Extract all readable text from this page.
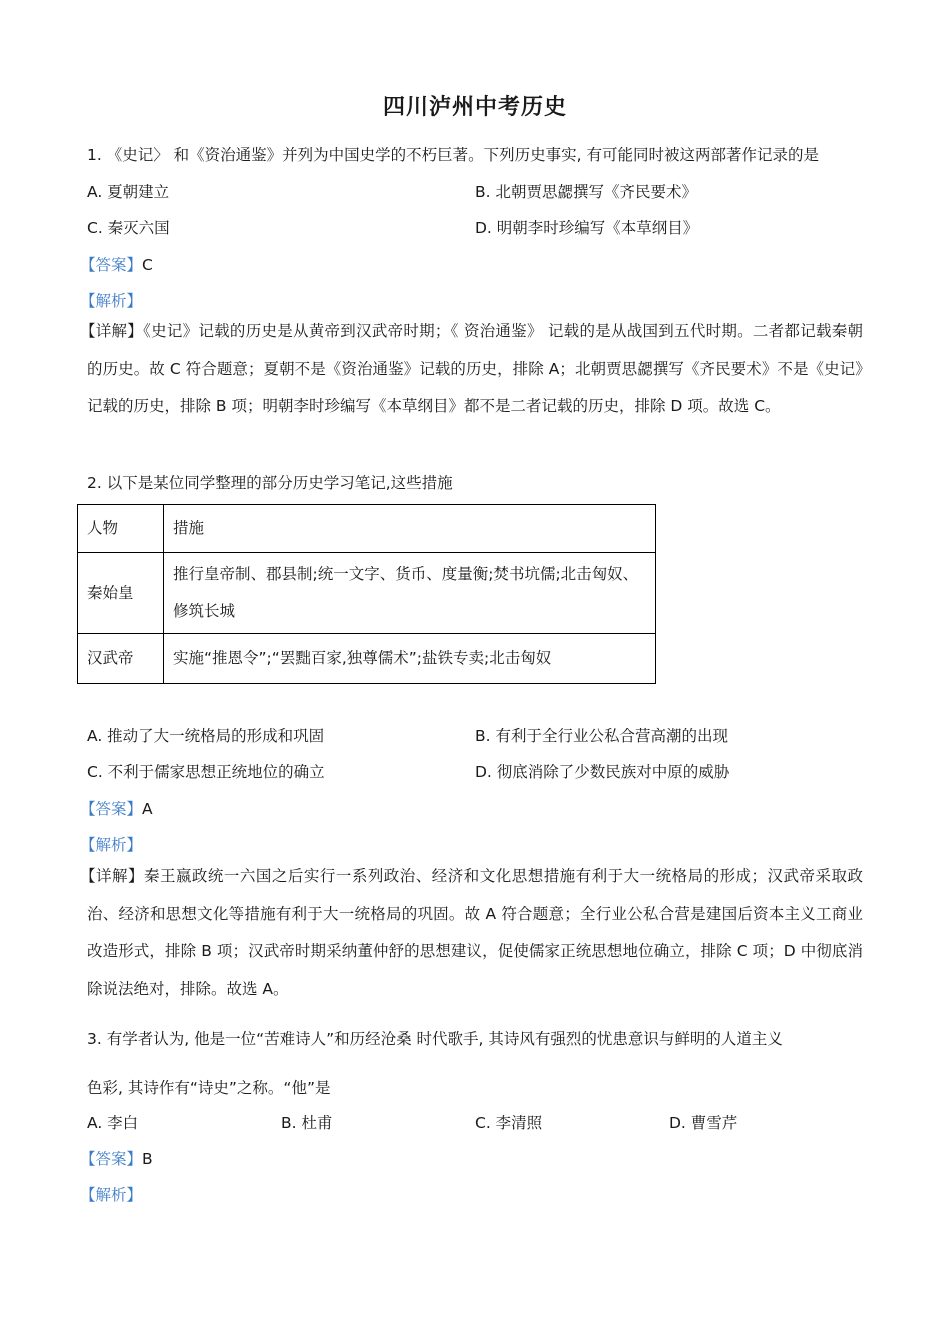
四川泸州中考历史
1. 《史记〉 和《资治通鉴》并列为中国史学的不朽巨著。下列历史事实, 有可能同时被这两部著作记录的是
A. 夏朝建立	B. 北朝贾思勰撰写《齐民要术》
C. 秦灭六国	D. 明朝李时珍编写《本草纲目》
【答案】C
【解析】
【详解】《史记》记载的历史是从黄帝到汉武帝时期；《 资治通鉴》 记载的是从战国到五代时期。二者都记载秦朝的历史。故 C 符合题意；夏朝不是《资治通鉴》记载的历史，排除 A；北朝贾思勰撰写《齐民要术》不是《史记》记载的历史，排除 B 项；明朝李时珍编写《本草纲目》都不是二者记载的历史，排除 D 项。故选 C。
2. 以下是某位同学整理的部分历史学习笔记,这些措施
人物	措施
秦始皇	推行皇帝制、郡县制;统一文字、货币、度量衡;焚书坑儒;北击匈奴、修筑长城
汉武帝	实施“推恩令”;“罢黜百家,独尊儒术”;盐铁专卖;北击匈奴
A. 推动了大一统格局的形成和巩固	B. 有利于全行业公私合营高潮的出现
C. 不利于儒家思想正统地位的确立	D. 彻底消除了少数民族对中原的威胁
【答案】A
【解析】
【详解】秦王嬴政统一六国之后实行一系列政治、经济和文化思想措施有利于大一统格局的形成；汉武帝采取政治、经济和思想文化等措施有利于大一统格局的巩固。故 A 符合题意；全行业公私合营是建国后资本主义工商业改造形式，排除 B 项；汉武帝时期采纳董仲舒的思想建议，促使儒家正统思想地位确立，排除 C 项；D 中彻底消除说法绝对，排除。故选 A。
3. 有学者认为, 他是一位“苦难诗人”和历经沧桑 时代歌手, 其诗风有强烈的忧患意识与鲜明的人道主义
色彩, 其诗作有“诗史”之称。“他”是
A. 李白	B. 杜甫	C. 李清照	D. 曹雪芹
【答案】B
【解析】
